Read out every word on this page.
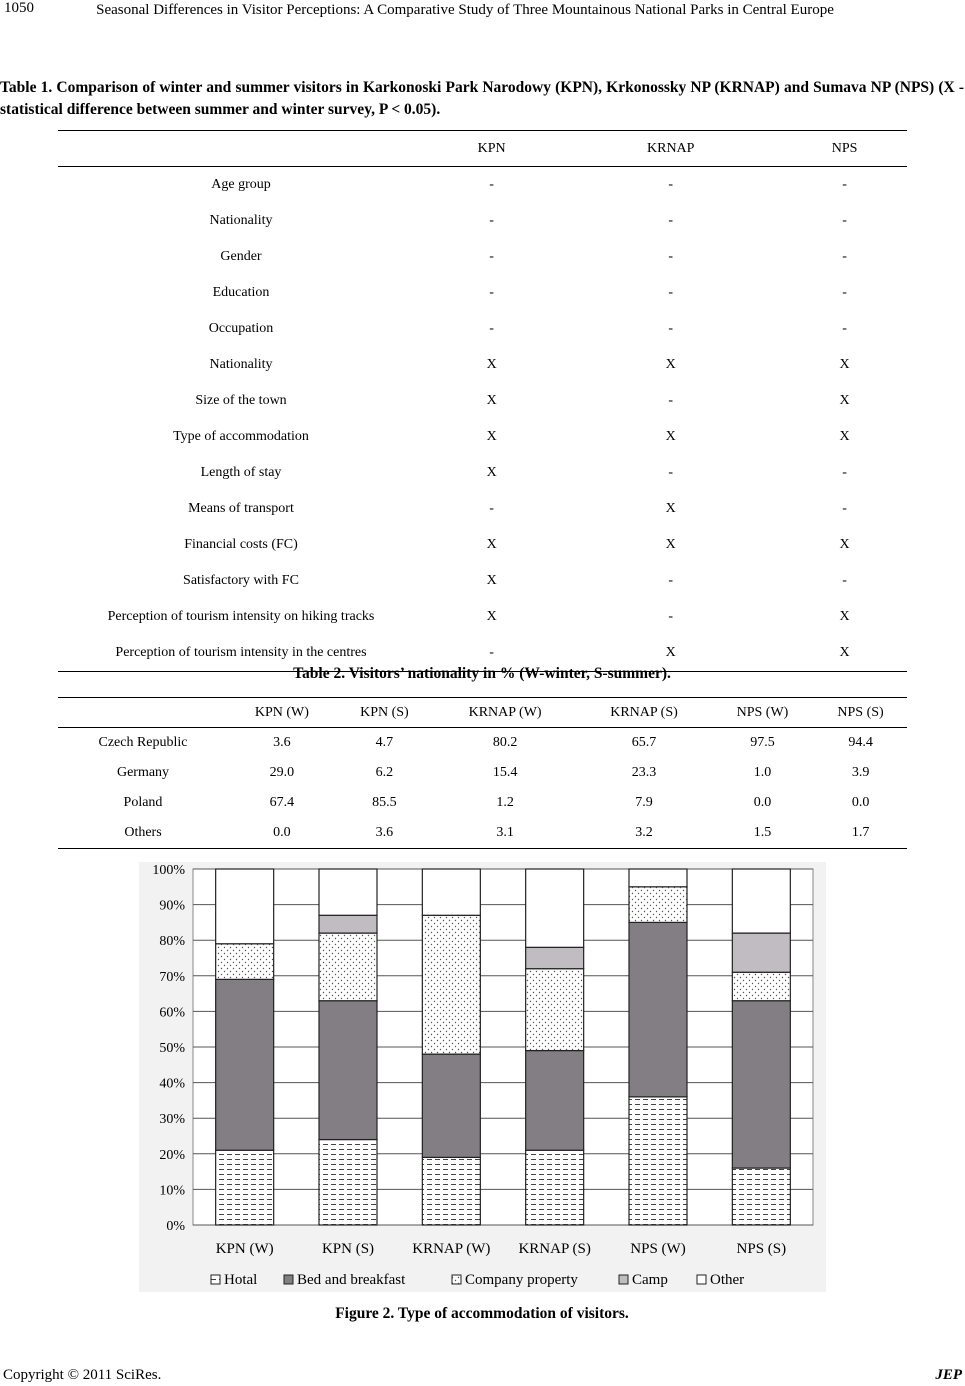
1050	Seasonal Differences in Visitor Perceptions: A Comparative Study of Three Mountainous National Parks in Central Europe
Table 1. Comparison of winter and summer visitors in Karkonoski Park Narodowy (KPN), Krkonossky NP (KRNAP) and Sumava NP (NPS) (X - statistical difference between summer and winter survey, P < 0.05).
	KPN	KRNAP	NPS
Age group	-	-	-
Nationality	-	-	-
Gender	-	-	-
Education	-	-	-
Occupation	-	-	-
Nationality	X	X	X
Size of the town	X	-	X
Type of accommodation	X	X	X
Length of stay	X	-	-
Means of transport	-	X	-
Financial costs (FC)	X	X	X
Satisfactory with FC	X	-	-
Perception of tourism intensity on hiking tracks	X	-	X
Perception of tourism intensity in the centres	-	X	X
Table 2. Visitors’ nationality in % (W-winter, S-summer).
	KPN (W)	KPN (S)	KRNAP (W)	KRNAP (S)	NPS (W)	NPS (S)
Czech Republic	3.6	4.7	80.2	65.7	97.5	94.4
Germany	29.0	6.2	15.4	23.3	1.0	3.9
Poland	67.4	85.5	1.2	7.9	0.0	0.0
Others	0.0	3.6	3.1	3.2	1.5	1.7
0%
10%
20%
30%
40%
50%
60%
70%
80%
90%
100%
KPN (W)	KPN (S)	KRNAP (W) KRNAP (S)	NPS (W)	NPS (S)
Hotal	Bed and breakfast	Company property	Camp	Other
Figure 2. Type of accommodation of visitors.
Copyright © 2011 SciRes.	JEP
